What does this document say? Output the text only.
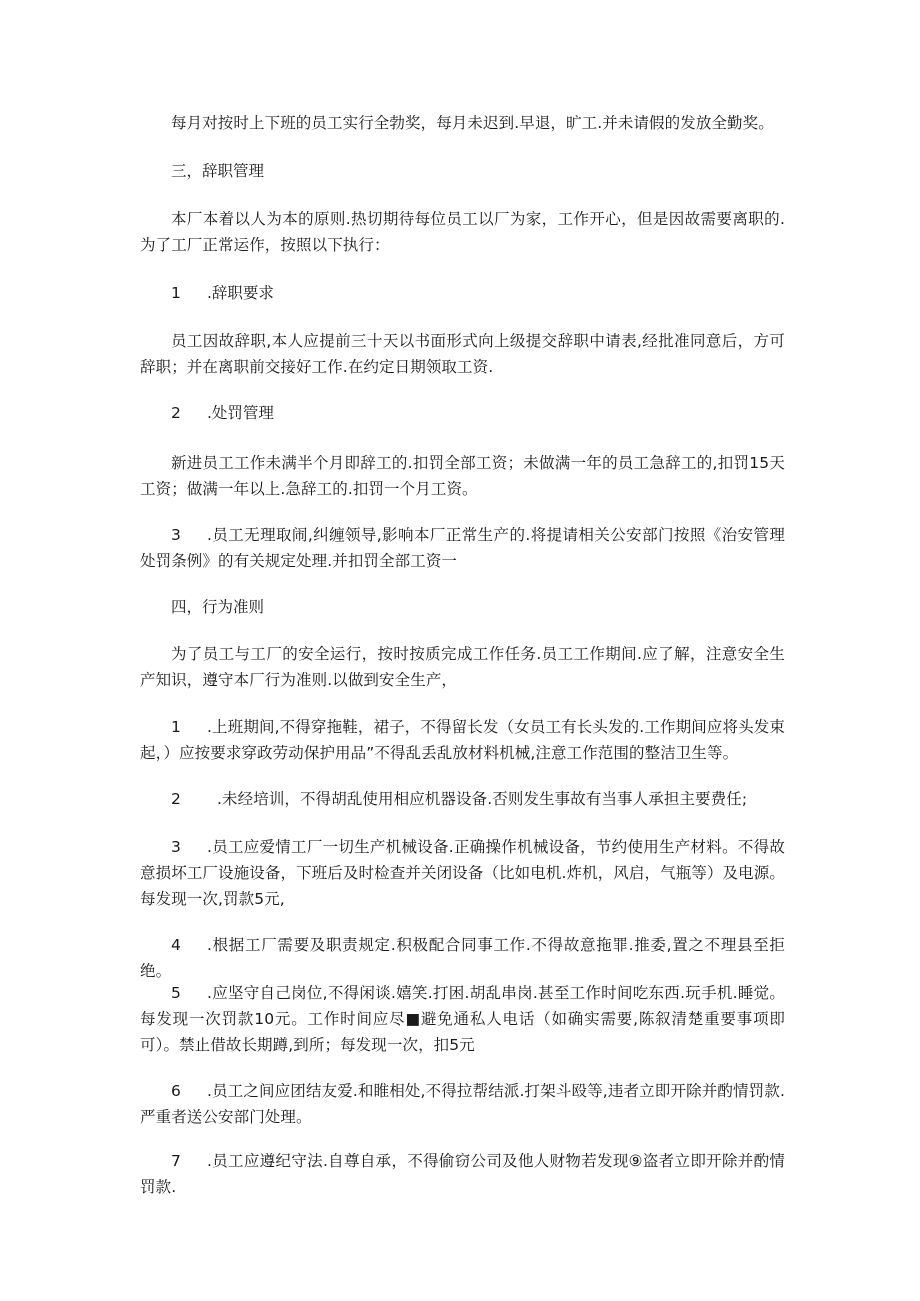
每月对按时上下班的员工实行全勃奖，每月未迟到.早退，旷工.并未请假的发放全勤奖。
三，辞职管理
本厂本着以人为本的原则.热切期待每位员工以厂为家，工作开心，但是因故需要离职的.为了工厂正常运作，按照以下执行：
1 .辞职要求
员工因故辞职,本人应提前三十天以书面形式向上级提交辞职中请表,经批准同意后，方可辞职；并在离职前交接好工作.在约定日期领取工资.
2 .处罚管理
新进员工工作未满半个月即辞工的.扣罚全部工资；未做满一年的员工急辞工的,扣罚15天工资；做满一年以上.急辞工的.扣罚一个月工资。
3 .员工无理取闹,纠缠领导,影响本厂正常生产的.将提请相关公安部门按照《治安管理处罚条例》的有关规定处理.并扣罚全部工资一
四，行为准则
为了员工与工厂的安全运行，按时按质完成工作任务.员工工作期间.应了解，注意安全生产知识，遵守本厂行为准则.以做到安全生产，
1 .上班期间,不得穿拖鞋，裙子，不得留长发（女员工有长头发的.工作期间应将头发束起，）应按要求穿政劳动保护用品”不得乱丢乱放材料机械,注意工作范围的整洁卫生等。
2 .未经培训，不得胡乱使用相应机器设备.否则发生事故有当事人承担主要费任;
3 .员工应爱情工厂一切生产机械设备.正确操作机械设备，节约使用生产材料。不得故意损坏工厂设施设备，下班后及时检查并关闭设备（比如电机.炸机，风启，气瓶等）及电源。每发现一次,罚款5元,
4 .根据工厂需要及职责规定.积极配合同事工作.不得故意拖罪.推委,置之不理县至拒绝。
5 .应坚守自己岗位,不得闲谈.嬉笑.打困.胡乱串岗.甚至工作时间吃东西.玩手机.睡觉。每发现一次罚款10元。工作时间应尽■避免通私人电话（如确实需要,陈叙清楚重要事项即可）。禁止借故长期蹲,到所；每发现一次，扣5元
6 .员工之间应团结友爱.和睢相处,不得拉帮结派.打架斗殴等,违者立即开除并酌情罚款.严重者送公安部门处理。
7 .员工应遵纪守法.自尊自承，不得偷窃公司及他人财物若发现⑨盗者立即开除并酌情罚款.
